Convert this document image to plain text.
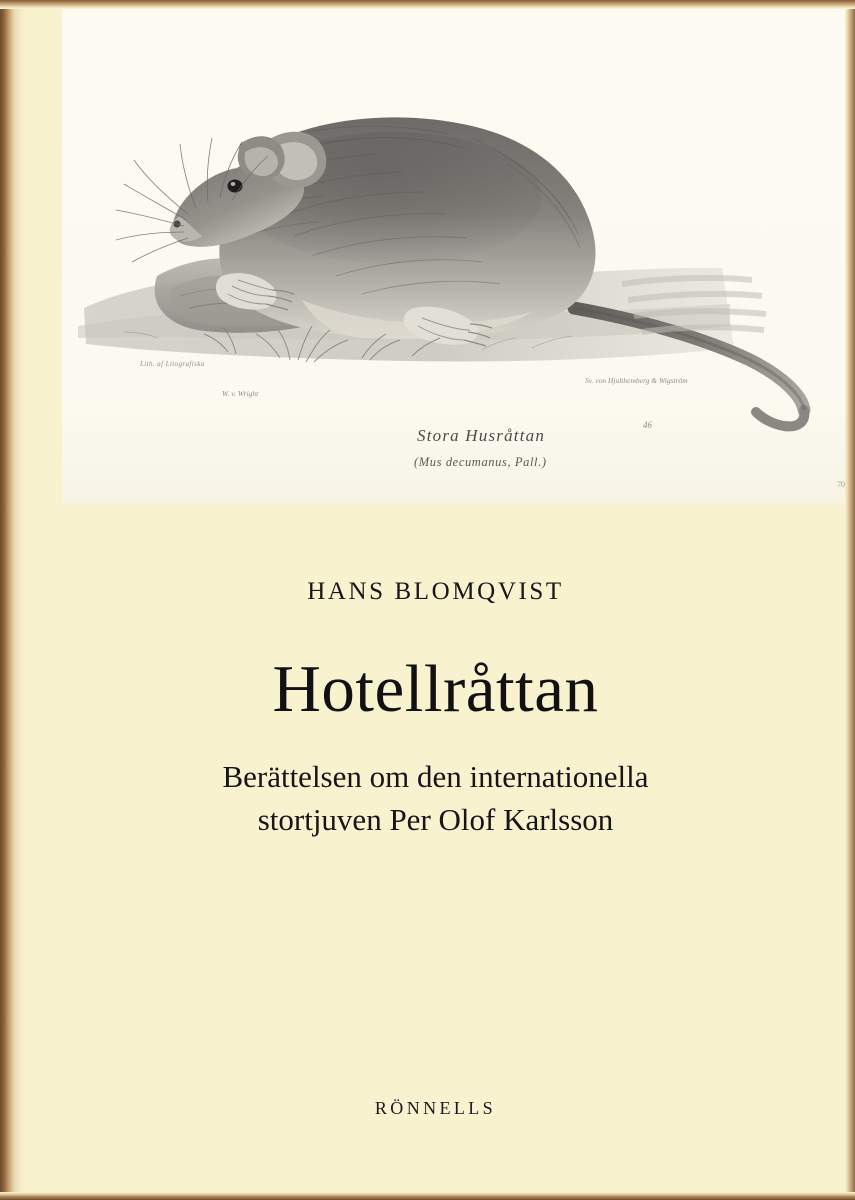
Lith. af Litografiska
W. v. Wright
Sv. von Hjulthemberg & Wigström
46
70
Stora Husråttan
(Mus decumanus, Pall.)
HANS BLOMQVIST
Hotellråttan
Berättelsen om den internationella
stortjuven Per Olof Karlsson
RÖNNELLS
